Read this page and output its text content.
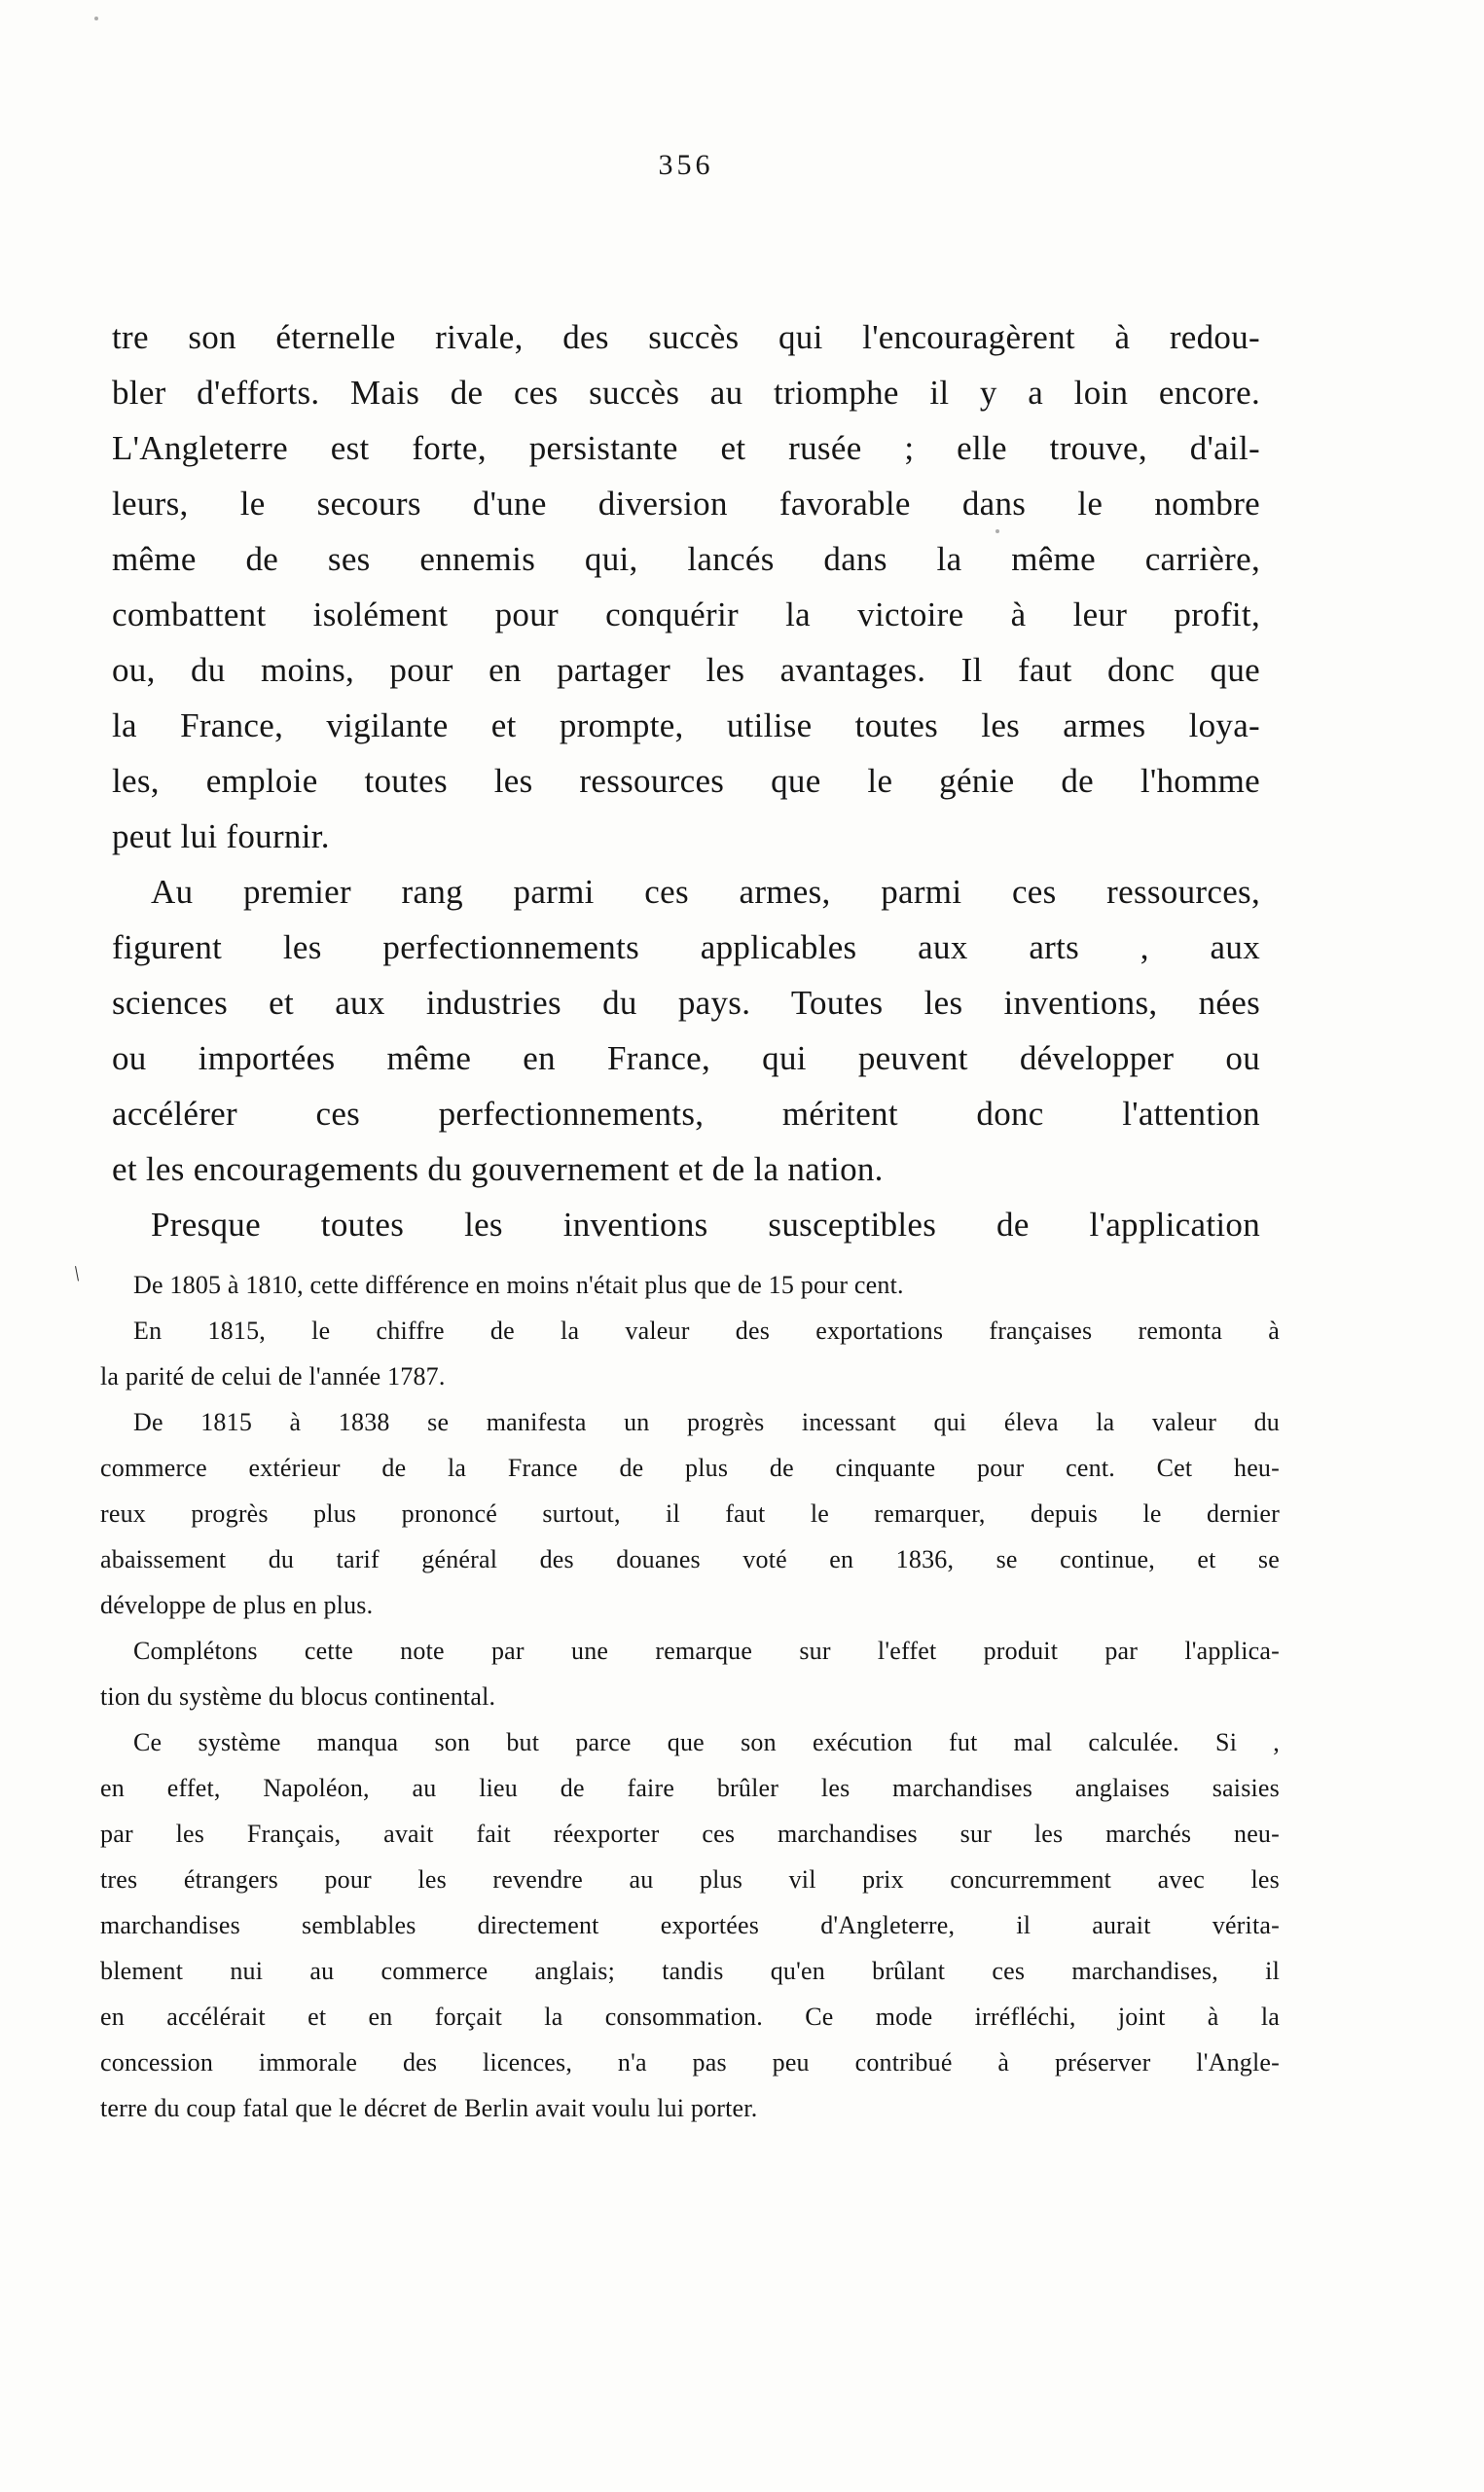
356

tre son éternelle rivale, des succès qui l'encouragèrent à redou-
bler d'efforts. Mais de ces succès au triomphe il y a loin encore.
L'Angleterre est forte, persistante et rusée ; elle trouve, d'ail-
leurs, le secours d'une diversion favorable dans le nombre
même de ses ennemis qui, lancés dans la même carrière,
combattent isolément pour conquérir la victoire à leur profit,
ou, du moins, pour en partager les avantages. Il faut donc que
la France, vigilante et prompte, utilise toutes les armes loya-
les, emploie toutes les ressources que le génie de l'homme
peut lui fournir.

Au premier rang parmi ces armes, parmi ces ressources,
figurent les perfectionnements applicables aux arts , aux
sciences et aux industries du pays. Toutes les inventions, nées
ou importées même en France, qui peuvent développer ou
accélérer ces perfectionnements, méritent donc l'attention
et les encouragements du gouvernement et de la nation.

Presque toutes les inventions susceptibles de l'application

De 1805 à 1810, cette différence en moins n'était plus que de 15 pour cent.

En 1815, le chiffre de la valeur des exportations françaises remonta à
la parité de celui de l'année 1787.

De 1815 à 1838 se manifesta un progrès incessant qui éleva la valeur du
commerce extérieur de la France de plus de cinquante pour cent. Cet heu-
reux progrès plus prononcé surtout, il faut le remarquer, depuis le dernier
abaissement du tarif général des douanes voté en 1836, se continue, et se
développe de plus en plus.

Complétons cette note par une remarque sur l'effet produit par l'applica-
tion du système du blocus continental.

Ce système manqua son but parce que son exécution fut mal calculée. Si ,
en effet, Napoléon, au lieu de faire brûler les marchandises anglaises saisies
par les Français, avait fait réexporter ces marchandises sur les marchés neu-
tres étrangers pour les revendre au plus vil prix concurremment avec les
marchandises semblables directement exportées d'Angleterre, il aurait vérita-
blement nui au commerce anglais; tandis qu'en brûlant ces marchandises, il
en accélérait et en forçait la consommation. Ce mode irréfléchi, joint à la
concession immorale des licences, n'a pas peu contribué à préserver l'Angle-
terre du coup fatal que le décret de Berlin avait voulu lui porter.

\
